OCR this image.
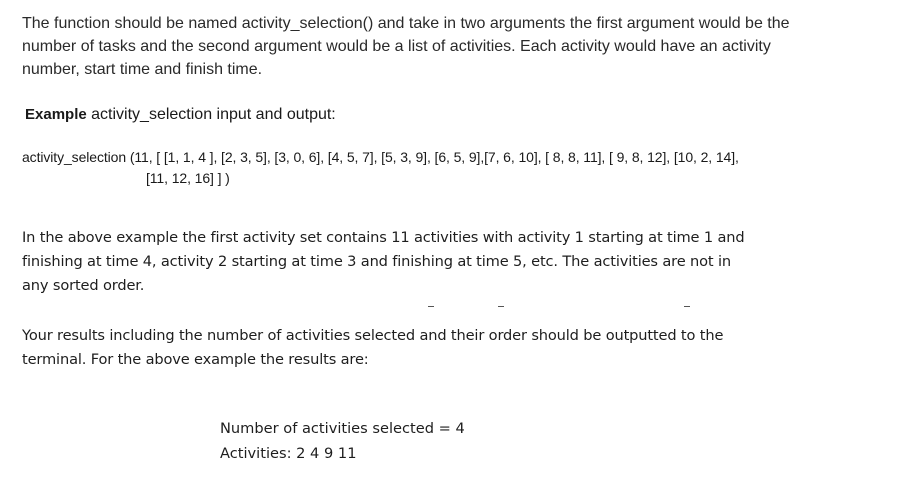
The function should be named activity_selection() and take in two arguments the first argument would be the
number of tasks and the second argument would be a list of activities. Each activity would have an activity
number, start time and finish time.
Example activity_selection input and output:
activity_selection (11, [ [1, 1, 4 ], [2, 3, 5], [3, 0, 6], [4, 5, 7], [5, 3, 9], [6, 5, 9],[7, 6, 10], [ 8, 8, 11], [ 9, 8, 12], [10, 2, 14],
[11, 12, 16] ] )
In the above example the first activity set contains 11 activities with activity 1 starting at time 1 and
finishing at time 4, activity 2 starting at time 3 and finishing at time 5, etc. The activities are not in
any sorted order.
Your results including the number of activities selected and their order should be outputted to the
terminal. For the above example the results are:
Number of activities selected = 4
Activities: 2 4 9 11
